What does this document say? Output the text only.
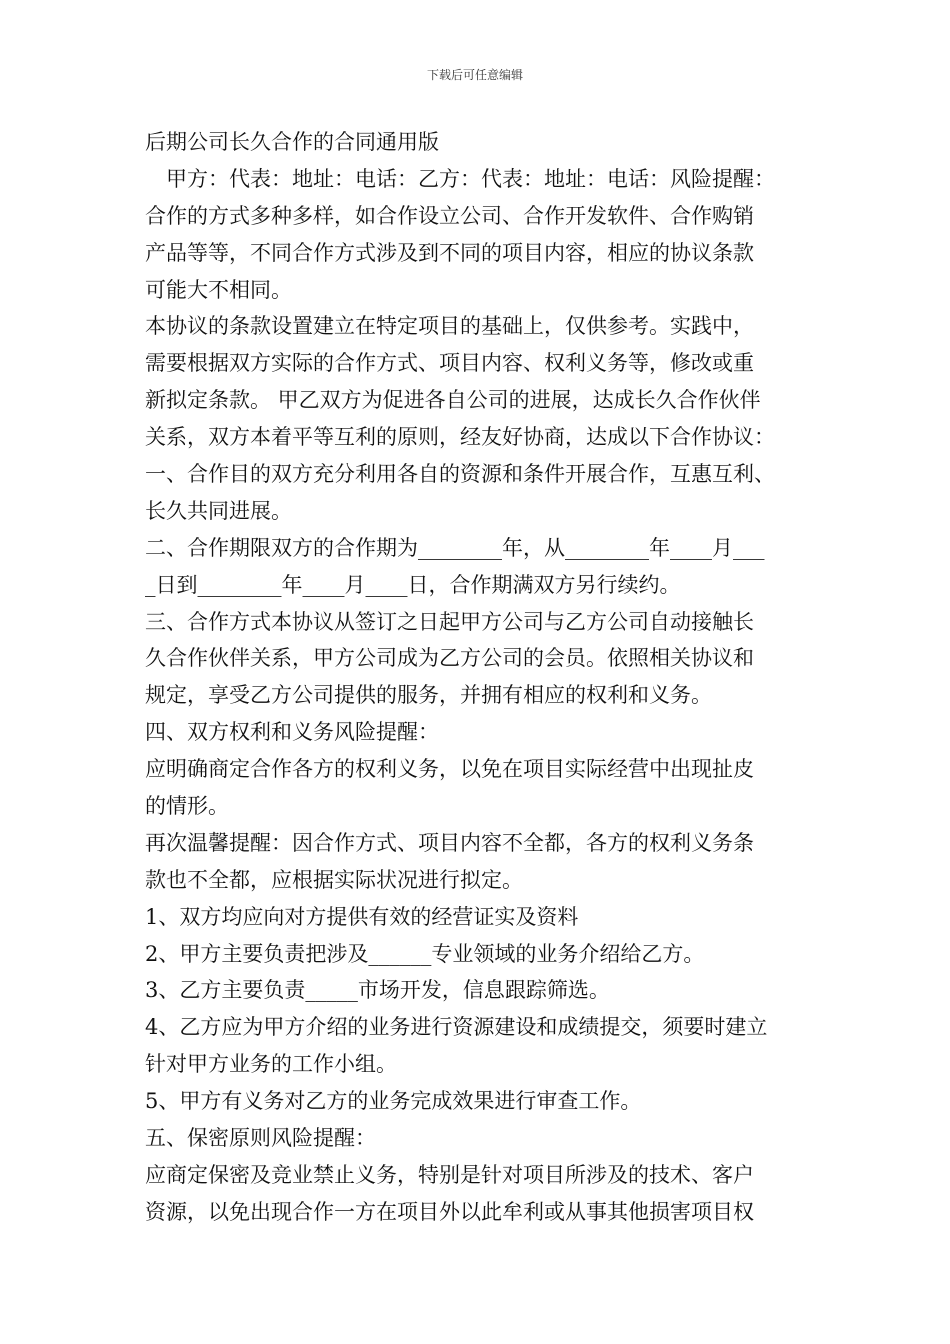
下载后可任意编辑
后期公司长久合作的合同通用版
甲方：代表：地址：电话：乙方：代表：地址：电话：风险提醒：
合作的方式多种多样，如合作设立公司、合作开发软件、合作购销
产品等等，不同合作方式涉及到不同的项目内容，相应的协议条款
可能大不相同。
本协议的条款设置建立在特定项目的基础上，仅供参考。实践中，
需要根据双方实际的合作方式、项目内容、权利义务等，修改或重
新拟定条款。 甲乙双方为促进各自公司的进展，达成长久合作伙伴
关系，双方本着平等互利的原则，经友好协商，达成以下合作协议：
一、合作目的双方充分利用各自的资源和条件开展合作，互惠互利、
长久共同进展。
二、合作期限双方的合作期为________年，从________年____月___
_日到________年____月____日，合作期满双方另行续约。
三、合作方式本协议从签订之日起甲方公司与乙方公司自动接触长
久合作伙伴关系，甲方公司成为乙方公司的会员。依照相关协议和
规定，享受乙方公司提供的服务，并拥有相应的权利和义务。
四、双方权利和义务风险提醒：
应明确商定合作各方的权利义务，以免在项目实际经营中出现扯皮
的情形。
再次温馨提醒：因合作方式、项目内容不全都，各方的权利义务条
款也不全都，应根据实际状况进行拟定。
1、双方均应向对方提供有效的经营证实及资料
2、甲方主要负责把涉及______专业领域的业务介绍给乙方。
3、乙方主要负责_____市场开发，信息跟踪筛选。
4、乙方应为甲方介绍的业务进行资源建设和成绩提交，须要时建立
针对甲方业务的工作小组。
5、甲方有义务对乙方的业务完成效果进行审查工作。
五、保密原则风险提醒：
应商定保密及竞业禁止义务，特别是针对项目所涉及的技术、客户
资源，以免出现合作一方在项目外以此牟利或从事其他损害项目权
